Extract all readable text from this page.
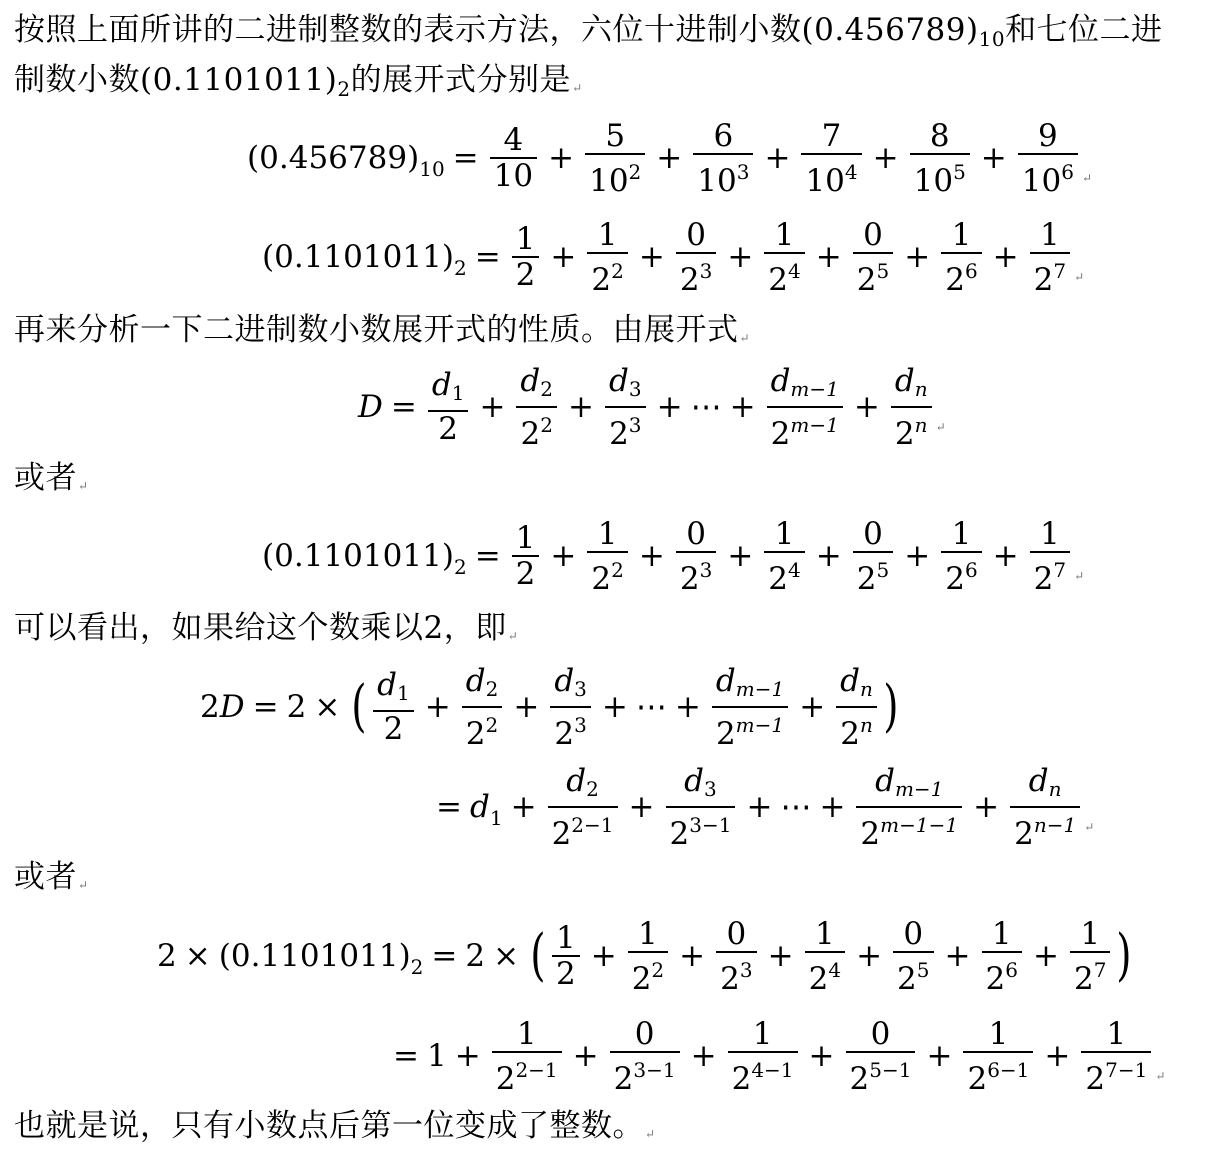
按照上面所讲的二进制整数的表示方法，六位十进制小数$(0.456789)_{10}$和七位二进
制数小数$(0.1101011)_2$的展开式分别是↵
(0.456789) $10 = \frac{4}{10} + \frac{5}{10^2} + \frac{6}{10^3} + \frac{7}{10^4} + \frac{8}{10^5} + \frac{9}{10^6}$ ↵
(0.1101011) $2 = \frac{1}{2} + \frac{1}{2^2} + \frac{0}{2^3} + \frac{1}{2^4} + \frac{0}{2^5} + \frac{1}{2^6} + \frac{1}{2^7}$ ↵
再来分析一下二进制数小数展开式的性质。由展开式↵
$D = \frac{d_1}{2} + \frac{d_2}{2^2} + \frac{d_3}{2^3}$ + ⋯ + $\frac{d_{m-1}}{2^{m-1}} + \frac{d_n}{2^n}$ ↵
或者↵
(0.1101011) $2 = \frac{1}{2} + \frac{1}{2^2} + \frac{0}{2^3} + \frac{1}{2^4} + \frac{0}{2^5} + \frac{1}{2^6} + \frac{1}{2^7}$ ↵
可以看出，如果给这个数乘以2，即↵
2D = 2 × ( $\frac{d_1}{2} + \frac{d_2}{2^2} + \frac{d_3}{2^3}$ + ⋯ + $\frac{d_{m-1}}{2^{m-1}} + \frac{d_n}{2^n}$ )
= d $1 + \frac{d_2}{2^{2-1}} + \frac{d_3}{2^{3-1}}$ + ⋯ + $\frac{d_{m-1}}{2^{m-1-1}} + \frac{d_n}{2^{n-1}}$ ↵
或者↵
2 × (0.1101011) 2 = 2 × ( $\frac{1}{2} + \frac{1}{2^2} + \frac{0}{2^3} + \frac{1}{2^4} + \frac{0}{2^5} + \frac{1}{2^6} + \frac{1}{2^7}$ )
= $1 + \frac{1}{2^{2-1}} + \frac{0}{2^{3-1}} + \frac{1}{2^{4-1}} + \frac{0}{2^{5-1}} + \frac{1}{2^{6-1}} + \frac{1}{2^{7-1}}$ ↵
也就是说，只有小数点后第一位变成了整数。↵
